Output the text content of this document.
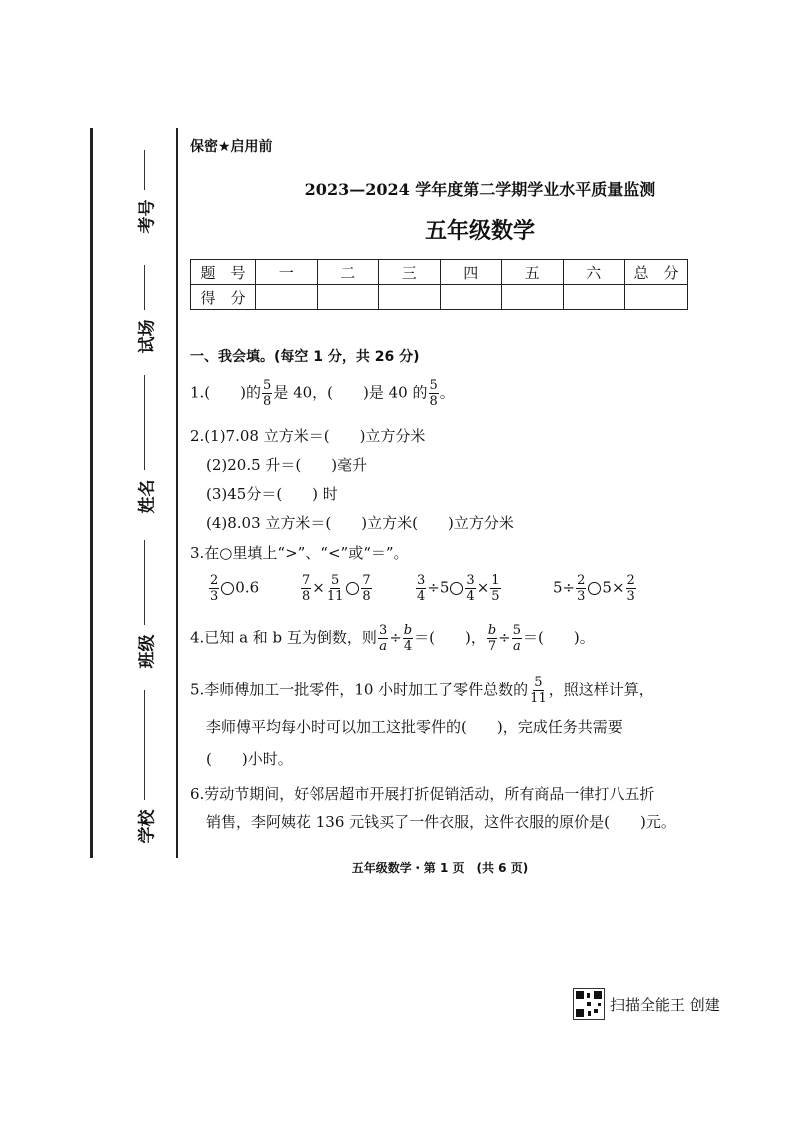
考号
试场
姓名
班级
学校
保密★启用前
2023—2024 学年度第二学期学业水平质量监测
五年级数学
题　号	一	二	三	四	五	六	总　分
得　分							
一、我会填。(每空 1 分，共 26 分)
1.(　　)的 $\frac{5}{8}$ 是 40，(　　)是 40 的 $\frac{5}{8}$ 。
2.(1)7.08 立方米＝(　　)立方分米
(2)20.5 升＝(　　)毫升
(3)45分＝(　　) 时
(4)8.03 立方米＝(　　)立方米(　　)立方分米
3.在○里填上“>”、“<”或“＝”。
$\frac{2}{3} 0.6$	$\frac{7}{8} \times \frac{5}{11} \frac{7}{8}$	$\frac{3}{4} \div 5 \frac{3}{4} \times \frac{1}{5}$	$5\div \frac{2}{3} 5\times \frac{2}{3}$
4.已知 a 和 b 互为倒数，则 $\frac{3}{a} \div \frac{b}{4}$ ＝(　　)， $\frac{b}{7} \div \frac{5}{a}$ ＝(　　)。
5.李师傅加工一批零件，10 小时加工了零件总数的 $\frac{5}{11}$ ，照这样计算，
李师傅平均每小时可以加工这批零件的(　　)，完成任务共需要
(　　)小时。
6.劳动节期间，好邻居超市开展打折促销活动，所有商品一律打八五折
销售，李阿姨花 136 元钱买了一件衣服，这件衣服的原价是(　　)元。
五年级数学・第 1 页　(共 6 页)
扫描全能王 创建
